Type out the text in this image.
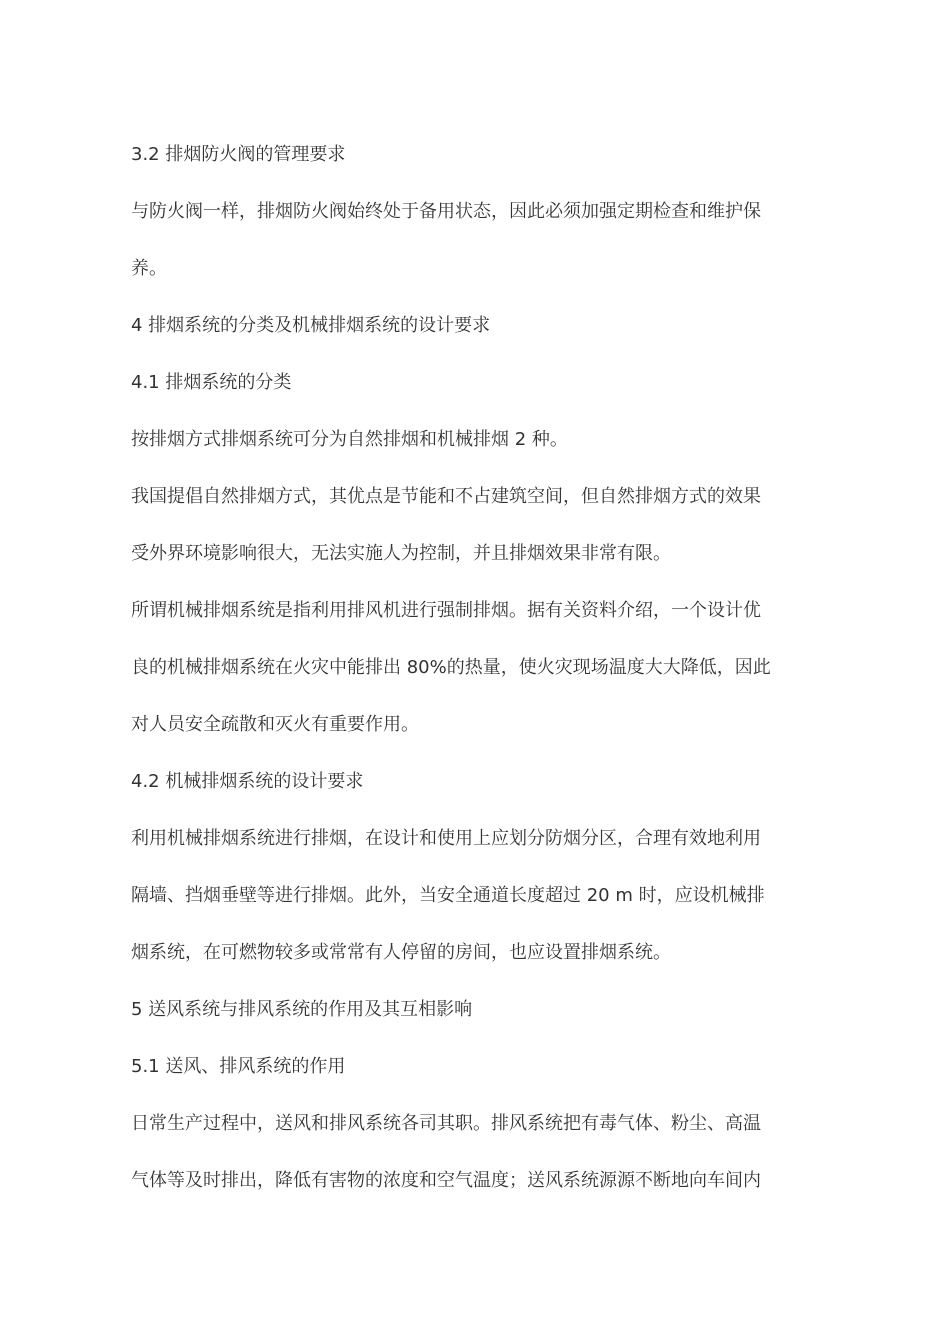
3.2 排烟防火阀的管理要求
与防火阀一样，排烟防火阀始终处于备用状态，因此必须加强定期检查和维护保
养。
4 排烟系统的分类及机械排烟系统的设计要求
4.1 排烟系统的分类
按排烟方式排烟系统可分为自然排烟和机械排烟 2 种。
我国提倡自然排烟方式，其优点是节能和不占建筑空间，但自然排烟方式的效果
受外界环境影响很大，无法实施人为控制，并且排烟效果非常有限。
所谓机械排烟系统是指利用排风机进行强制排烟。据有关资料介绍，一个设计优
良的机械排烟系统在火灾中能排出 80%的热量，使火灾现场温度大大降低，因此
对人员安全疏散和灭火有重要作用。
4.2 机械排烟系统的设计要求
利用机械排烟系统进行排烟，在设计和使用上应划分防烟分区，合理有效地利用
隔墙、挡烟垂壁等进行排烟。此外，当安全通道长度超过 20 m 时，应设机械排
烟系统，在可燃物较多或常常有人停留的房间，也应设置排烟系统。
5 送风系统与排风系统的作用及其互相影响
5.1 送风、排风系统的作用
日常生产过程中，送风和排风系统各司其职。排风系统把有毒气体、粉尘、高温
气体等及时排出，降低有害物的浓度和空气温度；送风系统源源不断地向车间内
